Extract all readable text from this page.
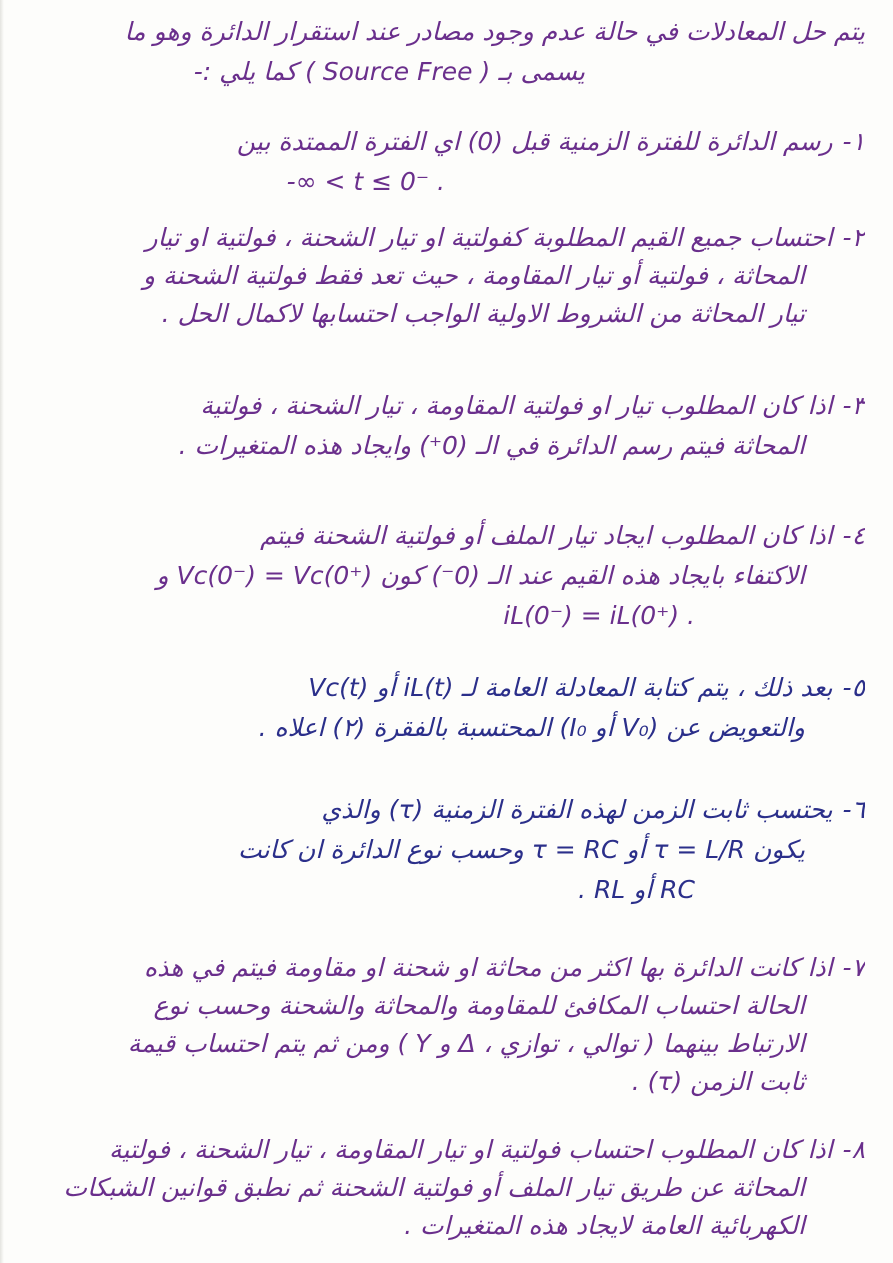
يتم حل المعادلات في حالة عدم وجود مصادر عند استقرار الدائرة وهو ما
يسمى بـ ( Source Free ) كما يلي :-
١-رسم الدائرة للفترة الزمنية قبل (0) اي الفترة الممتدة بين
-∞ < t ≤ 0⁻ .
٢-احتساب جميع القيم المطلوبة كفولتية او تيار الشحنة ، فولتية او تيار
المحاثة ، فولتية أو تيار المقاومة ، حيث تعد فقط فولتية الشحنة و
تيار المحاثة من الشروط الاولية الواجب احتسابها لاكمال الحل .
٣-اذا كان المطلوب تيار او فولتية المقاومة ، تيار الشحنة ، فولتية
المحاثة فيتم رسم الدائرة في الـ (0⁺) وايجاد هذه المتغيرات .
٤-اذا كان المطلوب ايجاد تيار الملف أو فولتية الشحنة فيتم
الاكتفاء بايجاد هذه القيم عند الـ (0⁻) كون Vc(0⁻) = Vc(0⁺) و
iL(0⁻) = iL(0⁺) .
٥-بعد ذلك ، يتم كتابة المعادلة العامة لـ iL(t) أو Vc(t)
والتعويض عن (V₀ أو I₀) المحتسبة بالفقرة (٢) اعلاه .
٦-يحتسب ثابت الزمن لهذه الفترة الزمنية (τ) والذي
يكون τ = L/R أو τ = RC وحسب نوع الدائرة ان كانت
RC أو RL .
٧-اذا كانت الدائرة بها اكثر من محاثة او شحنة او مقاومة فيتم في هذه
الحالة احتساب المكافئ للمقاومة والمحاثة والشحنة وحسب نوع
الارتباط بينهما ( توالي ، توازي ، Δ و Y ) ومن ثم يتم احتساب قيمة
ثابت الزمن (τ) .
٨-اذا كان المطلوب احتساب فولتية او تيار المقاومة ، تيار الشحنة ، فولتية
المحاثة عن طريق تيار الملف أو فولتية الشحنة ثم نطبق قوانين الشبكات
الكهربائية العامة لايجاد هذه المتغيرات .
